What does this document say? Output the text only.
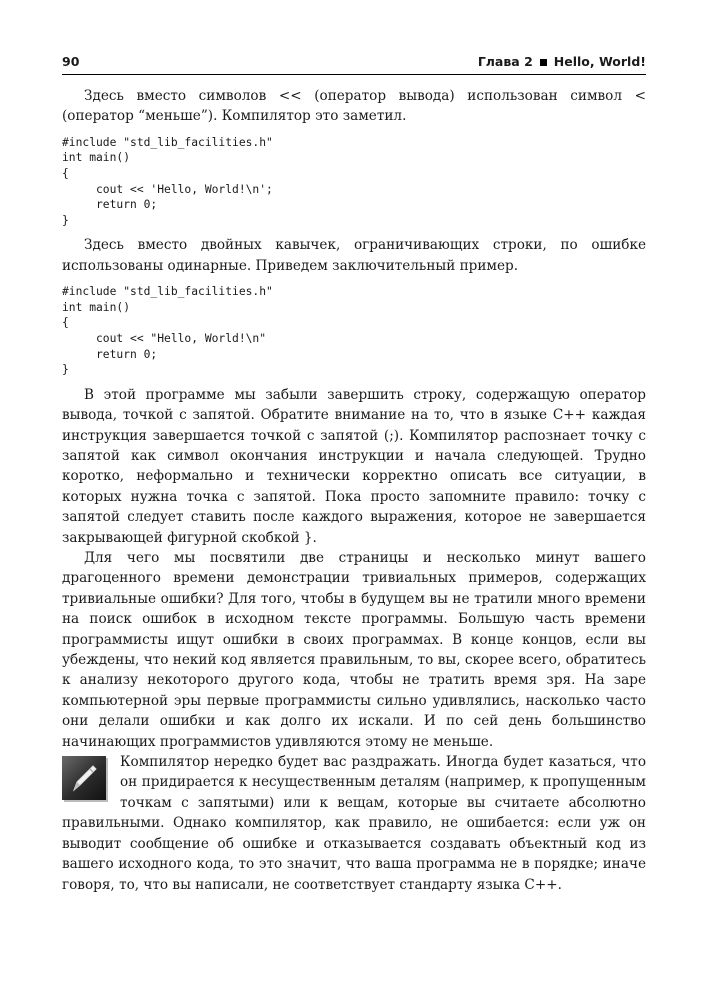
90	Глава 2 Hello, World!

Здесь вместо символов << (оператор вывода) использован символ < (оператор “меньше”). Компилятор это заметил.

#include "std_lib_facilities.h"
int main()
{
cout << 'Hello, World!\n';
return 0;
}

Здесь вместо двойных кавычек, ограничивающих строки, по ошибке использованы одинарные. Приведем заключительный пример.

#include "std_lib_facilities.h"
int main()
{
cout << "Hello, World!\n"
return 0;
}

В этой программе мы забыли завершить строку, содержащую оператор вывода, точкой с запятой. Обратите внимание на то, что в языке C++ каждая инструкция завершается точкой с запятой (;). Компилятор распознает точку с запятой как символ окончания инструкции и начала следующей. Трудно коротко, неформально и технически корректно описать все ситуации, в которых нужна точка с запятой. Пока просто запомните правило: точку с запятой следует ставить после каждого выражения, которое не завершается закрывающей фигурной скобкой }.

Для чего мы посвятили две страницы и несколько минут вашего драгоценного времени демонстрации тривиальных примеров, содержащих тривиальные ошибки? Для того, чтобы в будущем вы не тратили много времени на поиск ошибок в исходном тексте программы. Большую часть времени программисты ищут ошибки в своих программах. В конце концов, если вы убеждены, что некий код является правильным, то вы, скорее всего, обратитесь к анализу некоторого другого кода, чтобы не тратить время зря. На заре компьютерной эры первые программисты сильно удивлялись, насколько часто они делали ошибки и как долго их искали. И по сей день большинство начинающих программистов удивляются этому не меньше.

Компилятор нередко будет вас раздражать. Иногда будет казаться, что он придирается к несущественным деталям (например, к пропущенным точкам с запятыми) или к вещам, которые вы считаете абсолютно правильными. Однако компилятор, как правило, не ошибается: если уж он выводит сообщение об ошибке и отказывается создавать объектный код из вашего исходного кода, то это значит, что ваша программа не в порядке; иначе говоря, то, что вы написали, не соответствует стандарту языка C++.
